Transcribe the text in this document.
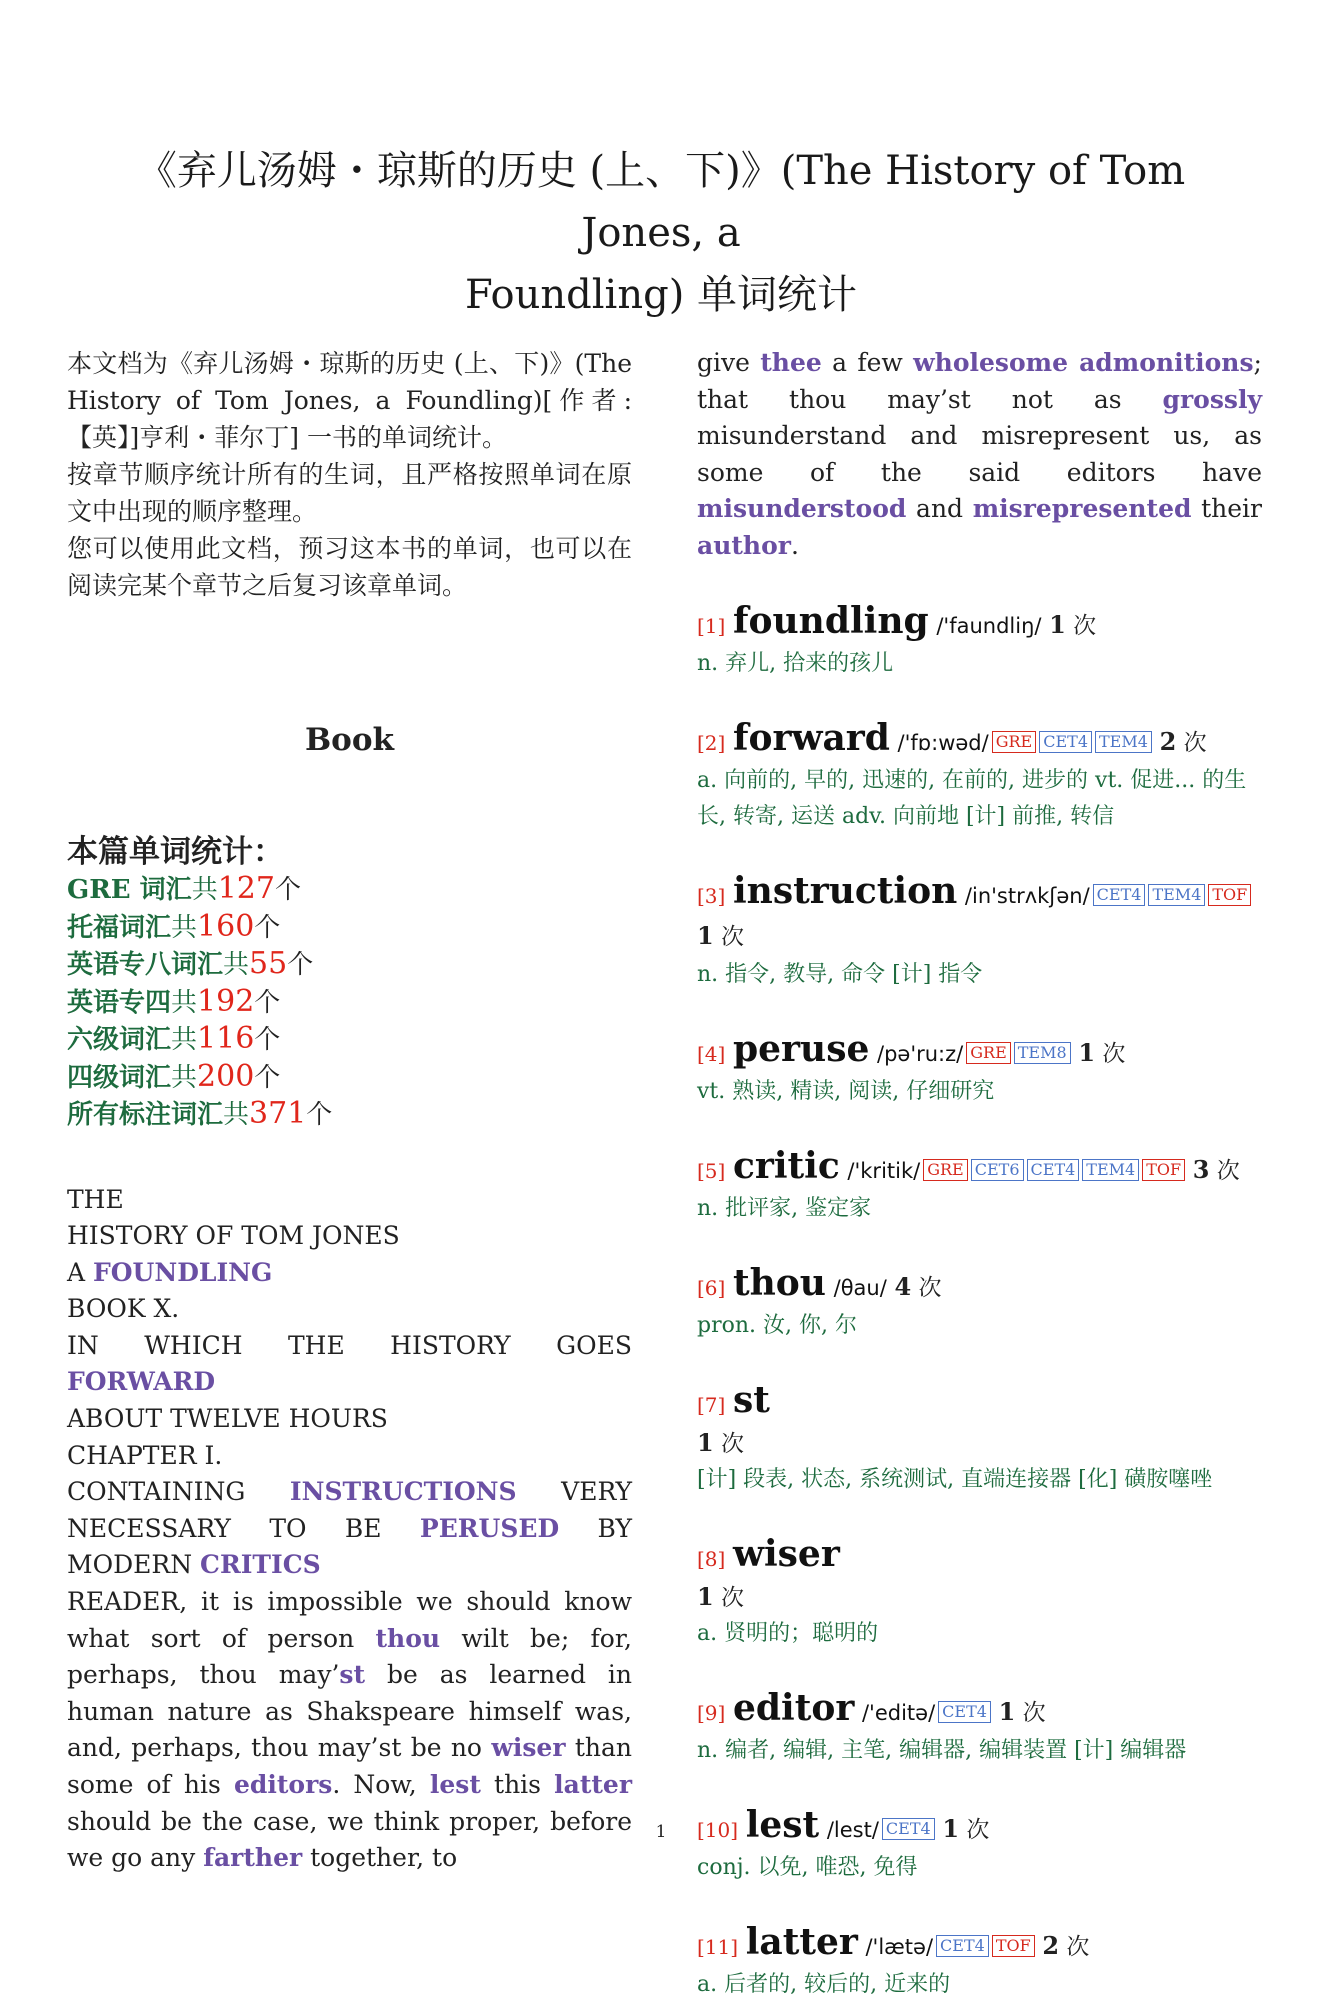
《弃儿汤姆・琼斯的历史 (上、下)》(The History of Tom Jones, a
Foundling) 单词统计

本文档为《弃儿汤姆・琼斯的历史 (上、下)》(The History of Tom Jones, a Foundling)[作者:【英】]亨利・菲尔丁] 一书的单词统计。

按章节顺序统计所有的生词，且严格按照单词在原文中出现的顺序整理。

您可以使用此文档，预习这本书的单词，也可以在阅读完某个章节之后复习该章单词。

Book
本篇单词统计：
GRE 词汇共127个
托福词汇共160个
英语专八词汇共55个
英语专四共192个
六级词汇共116个
四级词汇共200个
所有标注词汇共371个
THE
HISTORY OF TOM JONES
A FOUNDLING
BOOK X.
IN WHICH THE HISTORY GOES FORWARD
ABOUT TWELVE HOURS
CHAPTER I.
CONTAINING INSTRUCTIONS VERY NECESSARY TO BE PERUSED BY MODERN CRITICS
READER, it is impossible we should know what sort of person thou wilt be; for, perhaps, thou may’st be as learned in human nature as Shakspeare himself was, and, perhaps, thou may’st be no wiser than some of his editors. Now, lest this latter should be the case, we think proper, before we go any farther together, to
give thee a few wholesome admonitions; that thou may’st not as grossly misunderstand and misrepresent us, as some of the said editors have misunderstood and misrepresented their author.
[1] foundling /'faundliŋ/ 1 次
n. 弃儿, 拾来的孩儿
[2] forward /'fɒ:wəd/ GRE CET4 TEM4 2 次
a. 向前的, 早的, 迅速的, 在前的, 进步的 vt. 促进... 的生长, 转寄, 运送 adv. 向前地 [计] 前推, 转信
[3] instruction /in'strʌkʃən/ CET4 TEM4 TOF 1 次
n. 指令, 教导, 命令 [计] 指令
[4] peruse /pə'ru:z/ GRE TEM8 1 次
vt. 熟读, 精读, 阅读, 仔细研究
[5] critic /'kritik/ GRE CET6 CET4 TEM4 TOF 3 次
n. 批评家, 鉴定家
[6] thou /θau/ 4 次
pron. 汝, 你, 尔
[7] st
1 次
[计] 段表, 状态, 系统测试, 直端连接器 [化] 磺胺噻唑
[8] wiser
1 次
a. 贤明的；聪明的
[9] editor /'editə/ CET4 1 次
n. 编者, 编辑, 主笔, 编辑器, 编辑装置 [计] 编辑器
[10] lest /lest/ CET4 1 次
conj. 以免, 唯恐, 免得
[11] latter /'lætə/ CET4 TOF 2 次
a. 后者的, 较后的, 近来的
1
